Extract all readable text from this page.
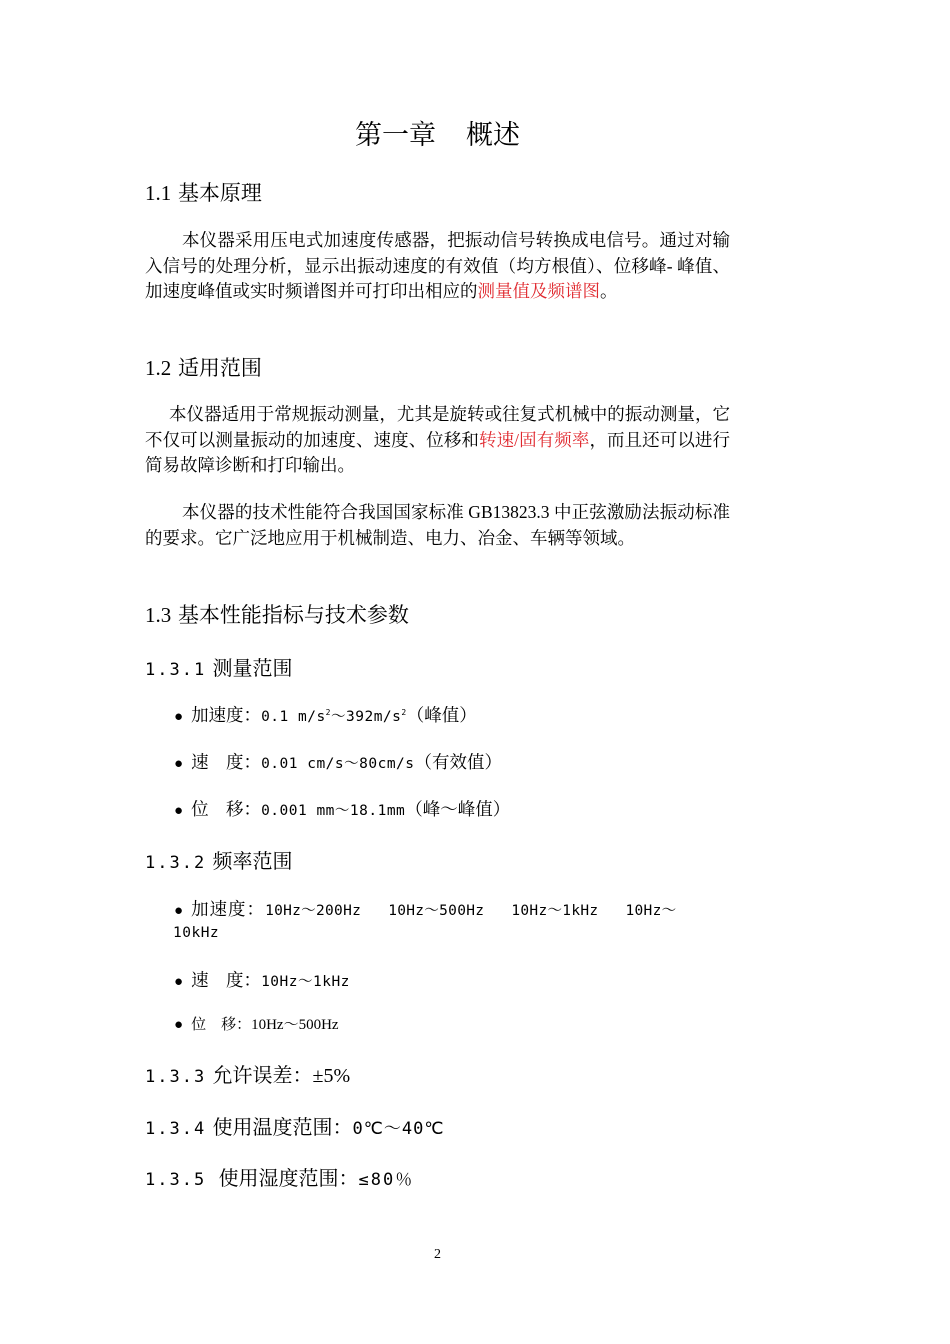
第一章 概述
1.1 基本原理
本仪器采用压电式加速度传感器，把振动信号转换成电信号。通过对输入信号的处理分析，显示出振动速度的有效值（均方根值）、位移峰- 峰值、加速度峰值或实时频谱图并可打印出相应的测量值及频谱图。
1.2 适用范围
本仪器适用于常规振动测量，尤其是旋转或往复式机械中的振动测量，它不仅可以测量振动的加速度、速度、位移和转速/固有频率，而且还可以进行简易故障诊断和打印输出。
本仪器的技术性能符合我国国家标准 GB13823.3 中正弦激励法振动标准的要求。它广泛地应用于机械制造、电力、冶金、车辆等领域。
1.3 基本性能指标与技术参数
1.3.1 测量范围
● 加速度：0.1 $m/s^2\sim 392m/s^2$（峰值）
● 速　度：0.01 cm/s～80cm/s（有效值）
● 位　移：0.001 mm～18.1mm（峰～峰值）
1.3.2 频率范围
● 加速度：10Hz～200Hz   10Hz～500Hz   10Hz～1kHz   10Hz～
10kHz
● 速　度：10Hz～1kHz
● 位　移：10Hz～500Hz
1.3.3 允许误差：±5%
1.3.4 使用温度范围：0℃～40℃
1.3.5 使用湿度范围：≤80％
2
